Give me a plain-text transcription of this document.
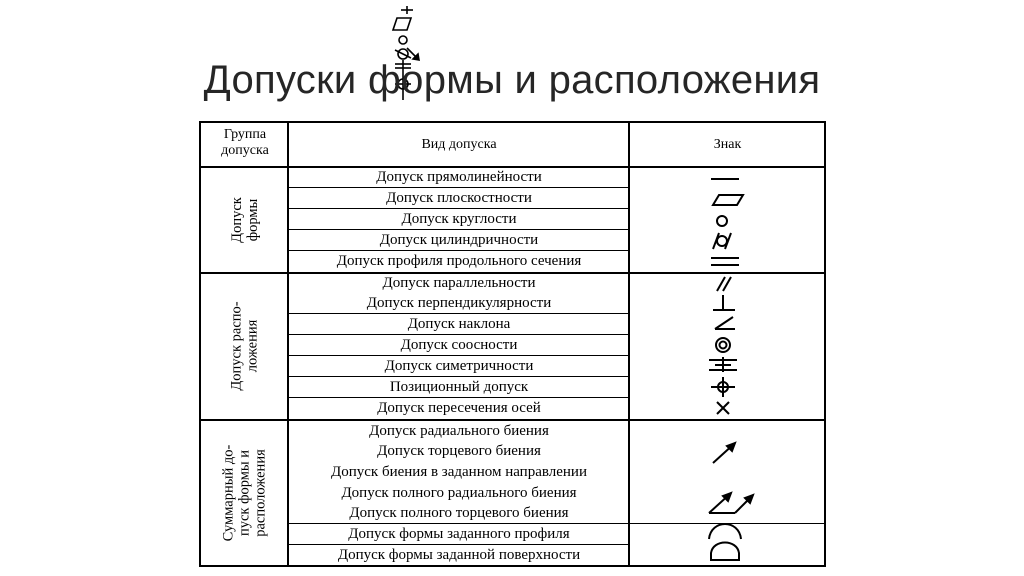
Допуски формы и расположения
Группа допуска	Вид допуска	Знак
Допуск формы
Допуск распо- ложения
Суммарный до- пуск формы и расположения
Допуск прямолинейности
Допуск плоскостности
Допуск круглости
Допуск цилиндричности
Допуск профиля продольного сечения
Допуск параллельности
Допуск перпендикулярности
Допуск наклона
Допуск соосности
Допуск симетричности
Позиционный допуск
Допуск пересечения осей
Допуск радиального биения
Допуск торцевого биения
Допуск биения в заданном направлении
Допуск полного радиального биения
Допуск полного торцевого биения
Допуск формы заданного профиля
Допуск формы заданной поверхности
